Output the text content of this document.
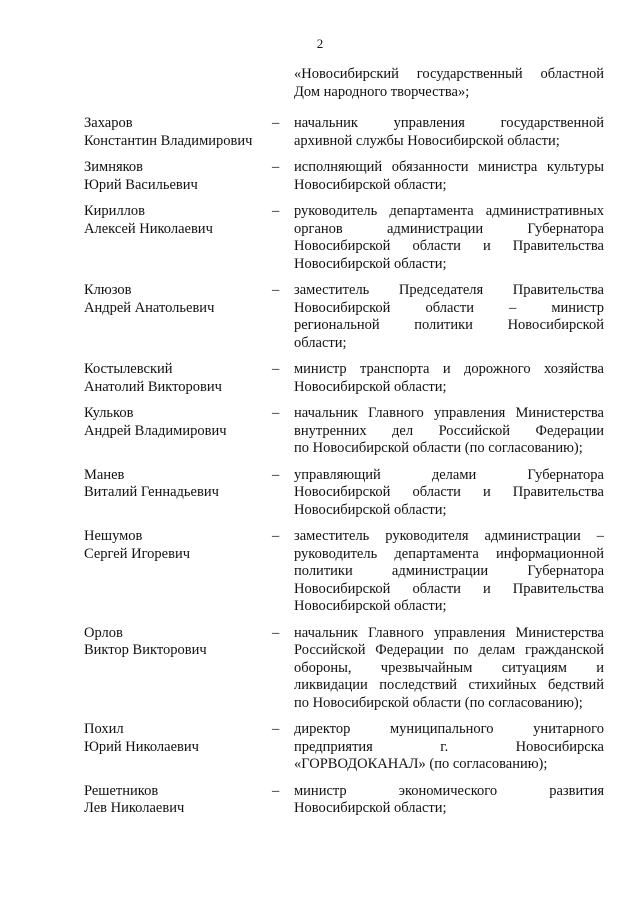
2
«Новосибирский государственный областной
Дом народного творчества»;
Захаров
Константин Владимирович
–	начальник управления государственной
архивной службы Новосибирской области;
Зимняков
Юрий Васильевич
–	исполняющий обязанности министра культуры
Новосибирской области;
Кириллов
Алексей Николаевич
–	руководитель департамента административных
органов администрации Губернатора
Новосибирской области и Правительства
Новосибирской области;
Клюзов
Андрей Анатольевич
–	заместитель Председателя Правительства
Новосибирской области – министр
региональной политики Новосибирской
области;
Костылевский
Анатолий Викторович
–	министр транспорта и дорожного хозяйства
Новосибирской области;
Кульков
Андрей Владимирович
–	начальник Главного управления Министерства
внутренних дел Российской Федерации
по Новосибирской области (по согласованию);
Манев
Виталий Геннадьевич
–	управляющий делами Губернатора
Новосибирской области и Правительства
Новосибирской области;
Нешумов
Сергей Игоревич
–	заместитель руководителя администрации –
руководитель департамента информационной
политики администрации Губернатора
Новосибирской области и Правительства
Новосибирской области;
Орлов
Виктор Викторович
–	начальник Главного управления Министерства
Российской Федерации по делам гражданской
обороны, чрезвычайным ситуациям и
ликвидации последствий стихийных бедствий
по Новосибирской области (по согласованию);
Похил
Юрий Николаевич
–	директор муниципального унитарного
предприятия г. Новосибирска
«ГОРВОДОКАНАЛ» (по согласованию);
Решетников
Лев Николаевич
–	министр экономического развития
Новосибирской области;
